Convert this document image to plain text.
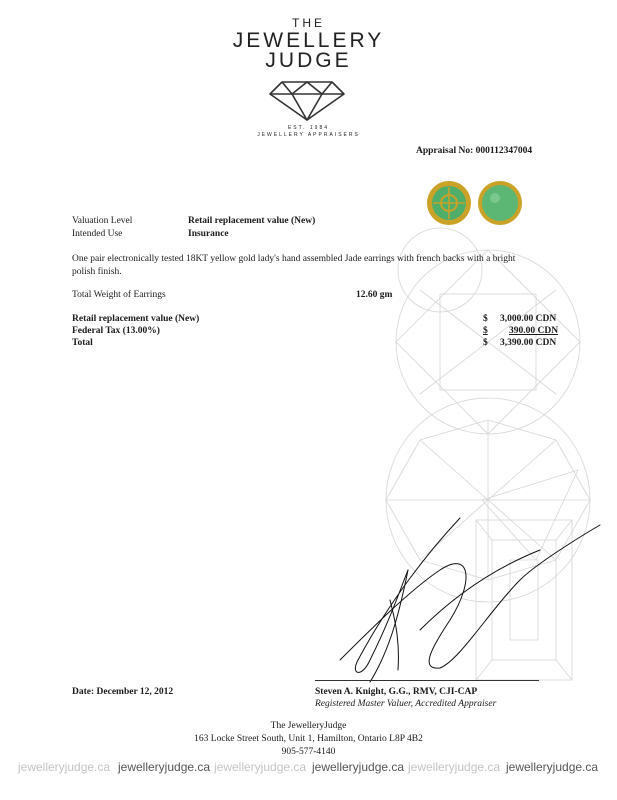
THE
JEWELLERY
JUDGE
EST. 1984
JEWELLERY APPRAISERS
Appraisal No: 000112347004
Valuation Level	Retail replacement value (New)
Intended Use	Insurance
One pair electronically tested 18KT yellow gold lady's hand assembled Jade earrings with french backs with a bright polish finish.
Total Weight of Earrings	12.60 gm
Retail replacement value (New)	$ 3,000.00 CDN
Federal Tax (13.00%)	$ 390.00 CDN
Total	$ 3,390.00 CDN
Date: December 12, 2012	Steven A. Knight, G.G., RMV, CJI-CAP
Registered Master Valuer, Accredited Appraiser
The JewelleryJudge
163 Locke Street South, Unit 1, Hamilton, Ontario L8P 4B2
905-577-4140
jewelleryjudge.ca jewelleryjudge.ca jewelleryjudge.ca jewelleryjudge.ca jewelleryjudge.ca jewelleryjudge.ca
